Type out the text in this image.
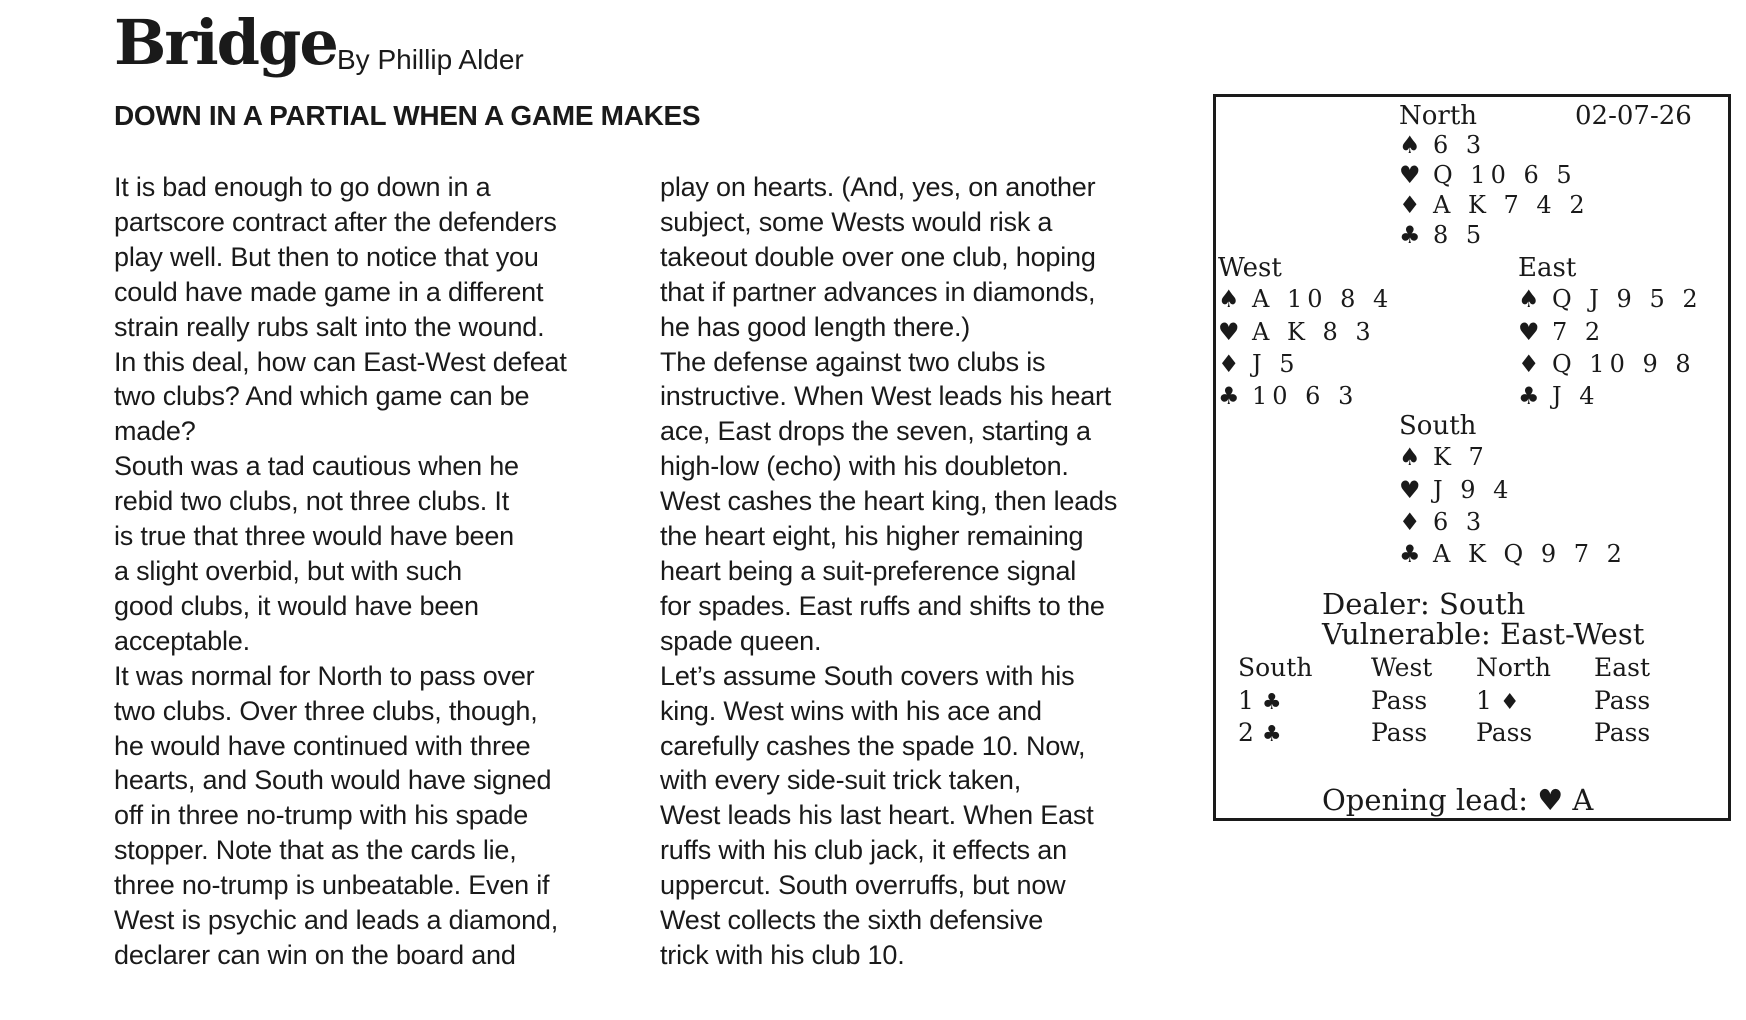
Bridge By Phillip Alder
DOWN IN A PARTIAL WHEN A GAME MAKES

It is bad enough to go down in a

partscore contract after the defenders

play well. But then to notice that you

could have made game in a different

strain really rubs salt into the wound.

In this deal, how can East-West defeat

two clubs? And which game can be

made?

South was a tad cautious when he

rebid two clubs, not three clubs. It

is true that three would have been

a slight overbid, but with such

good clubs, it would have been

acceptable.

It was normal for North to pass over

two clubs. Over three clubs, though,

he would have continued with three

hearts, and South would have signed

off in three no-trump with his spade

stopper. Note that as the cards lie,

three no-trump is unbeatable. Even if

West is psychic and leads a diamond,

declarer can win on the board and

play on hearts. (And, yes, on another

subject, some Wests would risk a

takeout double over one club, hoping

that if partner advances in diamonds,

he has good length there.)

The defense against two clubs is

instructive. When West leads his heart

ace, East drops the seven, starting a

high-low (echo) with his doubleton.

West cashes the heart king, then leads

the heart eight, his higher remaining

heart being a suit-preference signal

for spades. East ruffs and shifts to the

spade queen.

Let’s assume South covers with his

king. West wins with his ace and

carefully cashes the spade 10. Now,

with every side-suit trick taken,

West leads his last heart. When East

ruffs with his club jack, it effects an

uppercut. South overruffs, but now

West collects the sixth defensive

trick with his club 10.

North	02-07-26
♠ 6 3
♥ Q 10 6 5
♦ A K 7 4 2
♣ 8 5
West
♠ A 10 8 4
♥ A K 8 3
♦ J 5
♣ 10 6 3
East
♠ Q J 9 5 2
♥ 7 2
♦ Q 10 9 8
♣ J 4
South
♠ K 7
♥ J 9 4
♦ 6 3
♣ A K Q 9 7 2
Dealer: South
Vulnerable: East-West
South West North East
1 ♣	Pass 1 ♦	Pass
2 ♣	Pass Pass Pass
Opening lead: ♥ A
